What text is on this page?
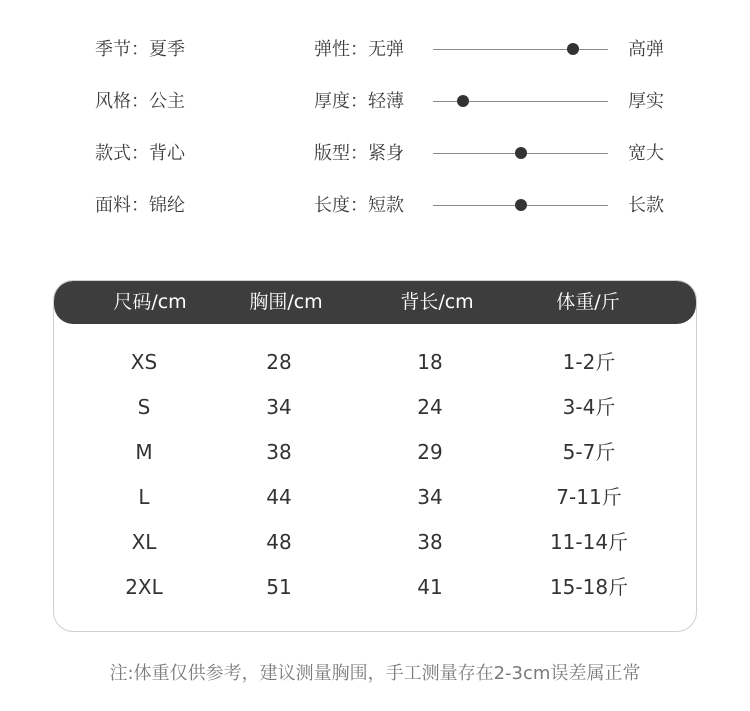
季节：夏季
风格：公主
款式：背心
面料：锦纶
弹性：无弹	高弹
厚度：轻薄	厚实
版型：紧身	宽大
长度：短款	长款
尺码/cm	胸围/cm	背长/cm	体重/斤
XS	28	18	1-2斤
S	34	24	3-4斤
M	38	29	5-7斤
L	44	34	7-11斤
XL	48	38	11-14斤
2XL	51	41	15-18斤
注:体重仅供参考，建议测量胸围，手工测量存在2-3cm误差属正常
